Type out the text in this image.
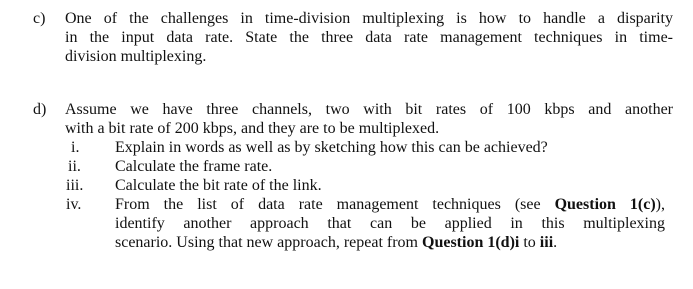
c)	One of the challenges in time-division multiplexing is how to handle a disparity
in the input data rate. State the three data rate management techniques in time-
division multiplexing.
d)	Assume we have three channels, two with bit rates of 100 kbps and another
with a bit rate of 200 kbps, and they are to be multiplexed.
i.	Explain in words as well as by sketching how this can be achieved?
ii.	Calculate the frame rate.
iii.	Calculate the bit rate of the link.
iv.	From the list of data rate management techniques (see Question 1(c)),
identify another approach that can be applied in this multiplexing
scenario. Using that new approach, repeat from Question 1(d)i to iii.
